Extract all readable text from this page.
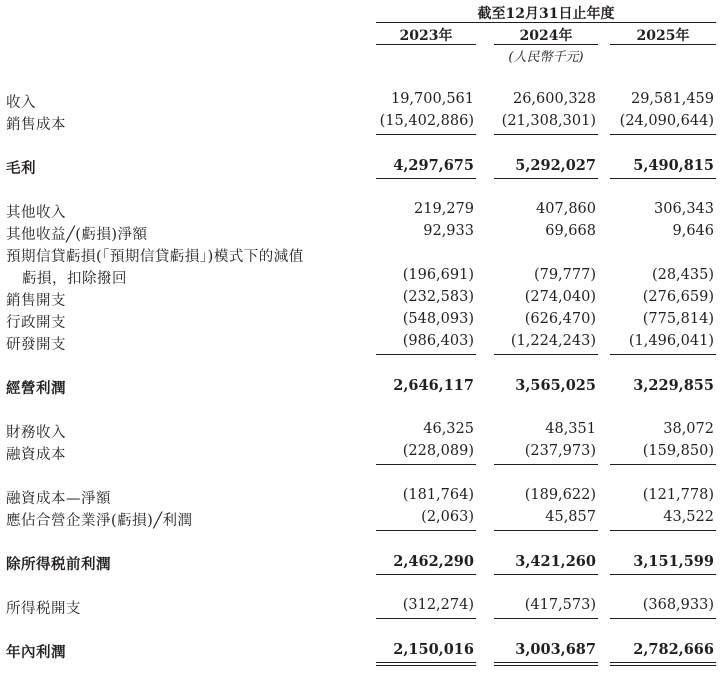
截至12月31日止年度
2023年	2024年	2025年
(人民幣千元)
收入	19,700,561	26,600,328	29,581,459
銷售成本	(15,402,886)	(21,308,301)	(24,090,644)
毛利	4,297,675	5,292,027	5,490,815
其他收入	219,279	407,860	306,343
其他收益╱(虧損)淨額	92,933	69,668	9,646
預期信貸虧損(「預期信貸虧損」)模式下的減值
虧損，扣除撥回	(196,691)	(79,777)	(28,435)
銷售開支	(232,583)	(274,040)	(276,659)
行政開支	(548,093)	(626,470)	(775,814)
研發開支	(986,403)	(1,224,243)	(1,496,041)
經營利潤	2,646,117	3,565,025	3,229,855
財務收入	46,325	48,351	38,072
融資成本	(228,089)	(237,973)	(159,850)
融資成本—淨額	(181,764)	(189,622)	(121,778)
應佔合營企業淨(虧損)╱利潤	(2,063)	45,857	43,522
除所得税前利潤	2,462,290	3,421,260	3,151,599
所得税開支	(312,274)	(417,573)	(368,933)
年內利潤	2,150,016	3,003,687	2,782,666
